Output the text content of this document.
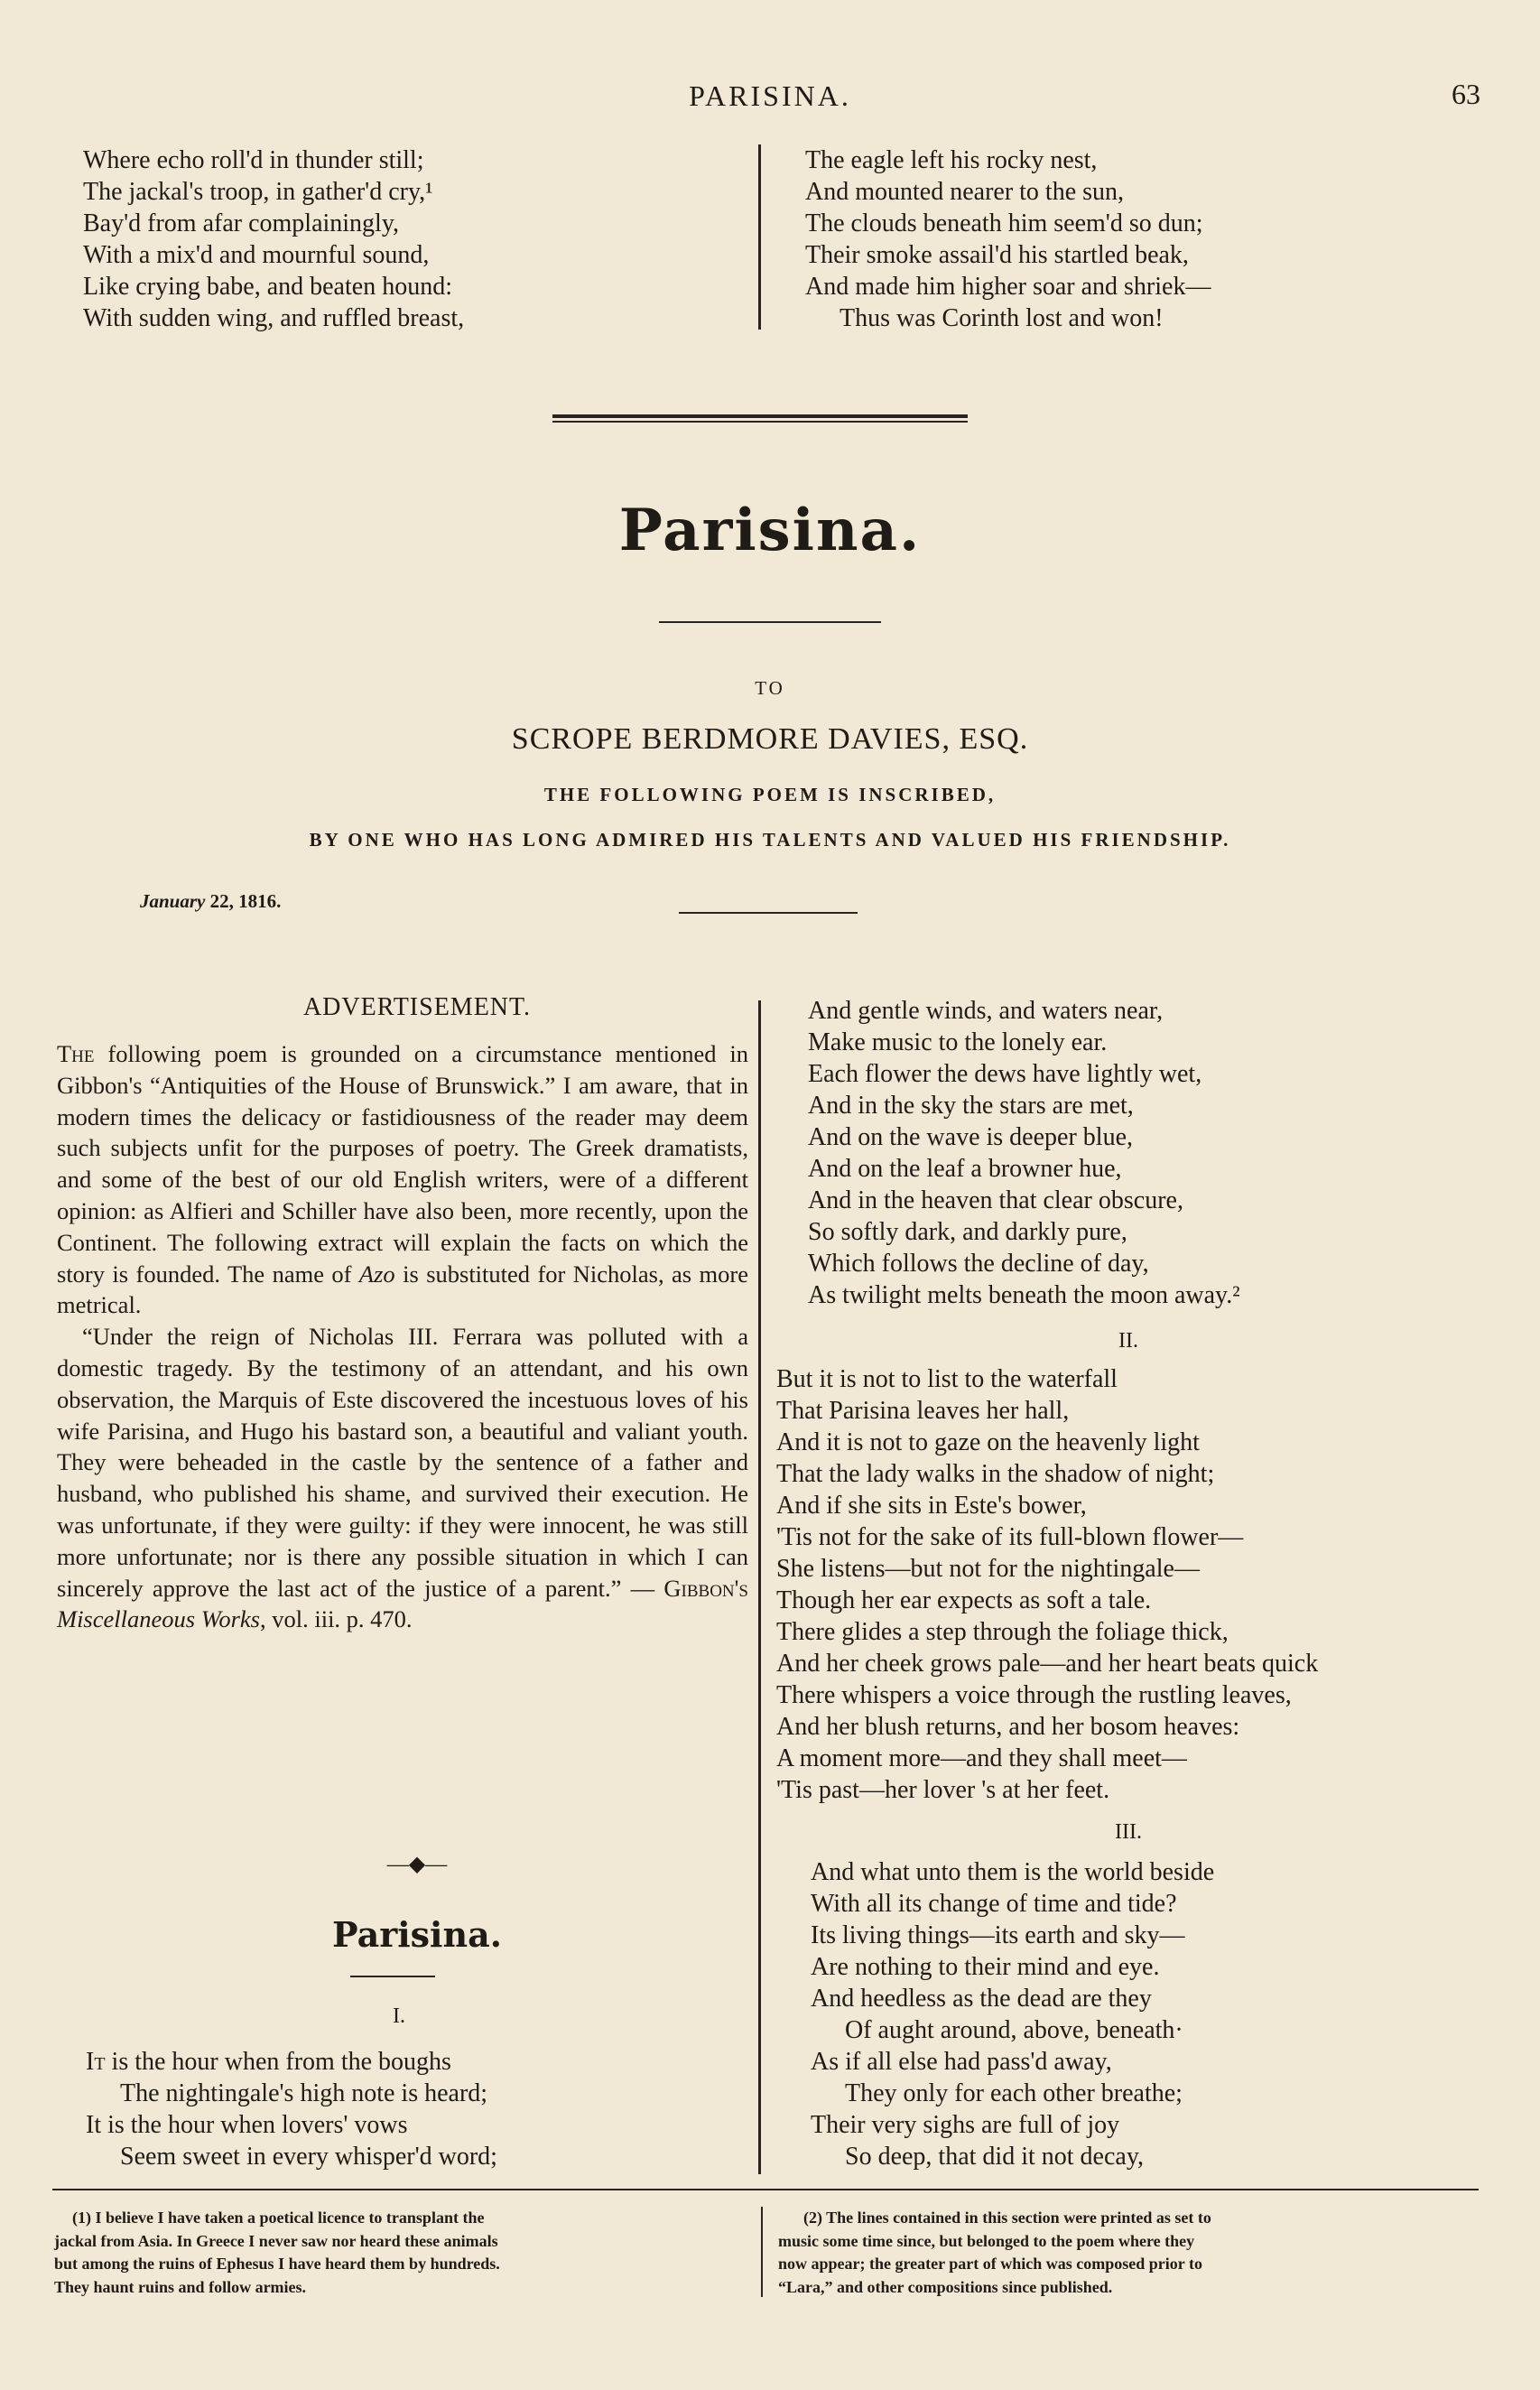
PARISINA.	63
Where echo roll'd in thunder still;
The jackal's troop, in gather'd cry,¹
Bay'd from afar complainingly,
With a mix'd and mournful sound,
Like crying babe, and beaten hound:
With sudden wing, and ruffled breast,
The eagle left his rocky nest,
And mounted nearer to the sun,
The clouds beneath him seem'd so dun;
Their smoke assail'd his startled beak,
And made him higher soar and shriek—
Thus was Corinth lost and won!
Parisina.
TO
SCROPE BERDMORE DAVIES, ESQ.
THE FOLLOWING POEM IS INSCRIBED,
BY ONE WHO HAS LONG ADMIRED HIS TALENTS AND VALUED HIS FRIENDSHIP.
January 22, 1816.
ADVERTISEMENT.

The following poem is grounded on a circumstance mentioned in Gibbon's “Antiquities of the House of Brunswick.” I am aware, that in modern times the delicacy or fastidiousness of the reader may deem such subjects unfit for the purposes of poetry. The Greek dramatists, and some of the best of our old English writers, were of a different opinion: as Alfieri and Schiller have also been, more recently, upon the Continent. The following extract will explain the facts on which the story is founded. The name of Azo is substituted for Nicholas, as more metrical.

“Under the reign of Nicholas III. Ferrara was polluted with a domestic tragedy. By the testimony of an attendant, and his own observation, the Marquis of Este discovered the incestuous loves of his wife Parisina, and Hugo his bastard son, a beautiful and valiant youth. They were beheaded in the castle by the sentence of a father and husband, who published his shame, and survived their execution. He was unfortunate, if they were guilty: if they were innocent, he was still more unfortunate; nor is there any possible situation in which I can sincerely approve the last act of the justice of a parent.” — Gibbon's Miscellaneous Works, vol. iii. p. 470.

—◆—
Parisina.
I.
It is the hour when from the boughs
The nightingale's high note is heard;
It is the hour when lovers' vows
Seem sweet in every whisper'd word;
And gentle winds, and waters near,
Make music to the lonely ear.
Each flower the dews have lightly wet,
And in the sky the stars are met,
And on the wave is deeper blue,
And on the leaf a browner hue,
And in the heaven that clear obscure,
So softly dark, and darkly pure,
Which follows the decline of day,
As twilight melts beneath the moon away.²
II.
But it is not to list to the waterfall
That Parisina leaves her hall,
And it is not to gaze on the heavenly light
That the lady walks in the shadow of night;
And if she sits in Este's bower,
'Tis not for the sake of its full-blown flower—
She listens—but not for the nightingale—
Though her ear expects as soft a tale.
There glides a step through the foliage thick,
And her cheek grows pale—and her heart beats quick
There whispers a voice through the rustling leaves,
And her blush returns, and her bosom heaves:
A moment more—and they shall meet—
'Tis past—her lover 's at her feet.
III.
And what unto them is the world beside
With all its change of time and tide?
Its living things—its earth and sky—
Are nothing to their mind and eye.
And heedless as the dead are they
Of aught around, above, beneath·
As if all else had pass'd away,
They only for each other breathe;
Their very sighs are full of joy
So deep, that did it not decay,
(1) I believe I have taken a poetical licence to transplant the
jackal from Asia. In Greece I never saw nor heard these animals
but among the ruins of Ephesus I have heard them by hundreds.
They haunt ruins and follow armies.
(2) The lines contained in this section were printed as set to
music some time since, but belonged to the poem where they
now appear; the greater part of which was composed prior to
“Lara,” and other compositions since published.
